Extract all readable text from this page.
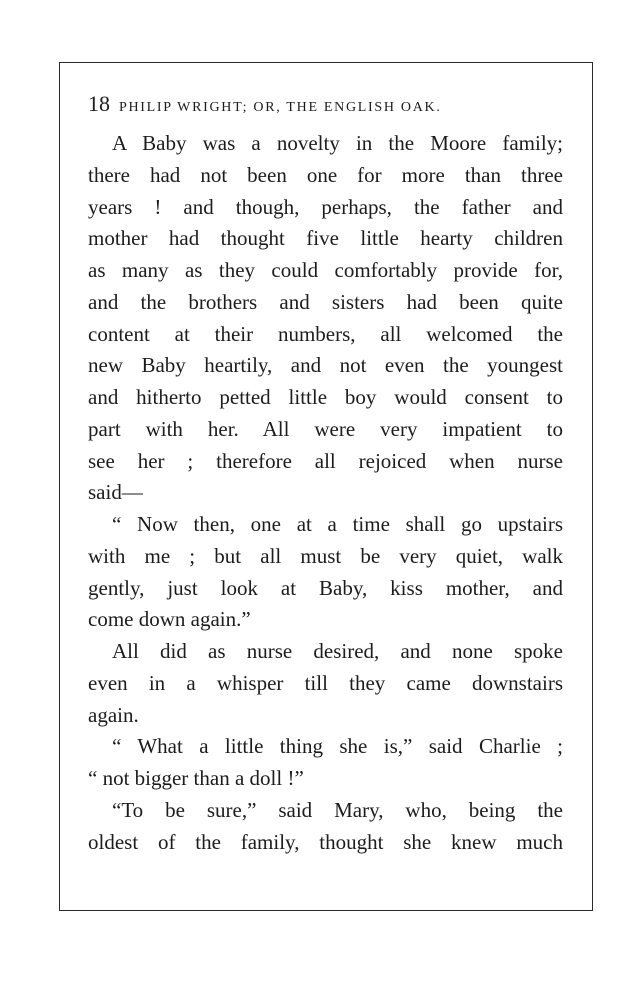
18 PHILIP WRIGHT; OR, THE ENGLISH OAK.
A Baby was a novelty in the Moore family;
there had not been one for more than three
years ! and though, perhaps, the father and
mother had thought five little hearty children
as many as they could comfortably provide for,
and the brothers and sisters had been quite
content at their numbers, all welcomed the
new Baby heartily, and not even the youngest
and hitherto petted little boy would consent to
part with her. All were very impatient to
see her ; therefore all rejoiced when nurse
said—
“ Now then, one at a time shall go upstairs
with me ; but all must be very quiet, walk
gently, just look at Baby, kiss mother, and
come down again.”
All did as nurse desired, and none spoke
even in a whisper till they came downstairs
again.
“ What a little thing she is,” said Charlie ;
“ not bigger than a doll !”
“To be sure,” said Mary, who, being the
oldest of the family, thought she knew much
